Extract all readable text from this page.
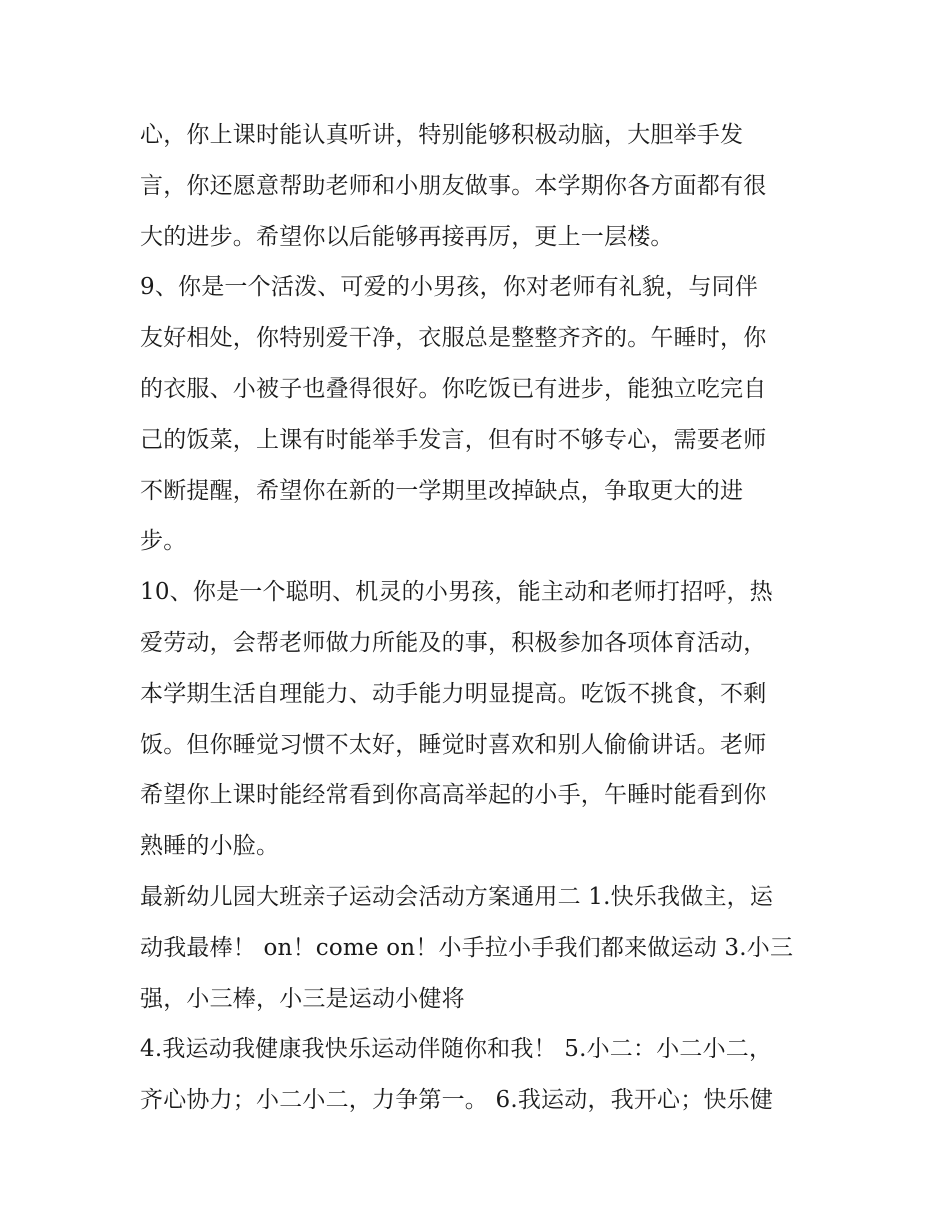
心，你上课时能认真听讲，特别能够积极动脑，大胆举手发
言，你还愿意帮助老师和小朋友做事。本学期你各方面都有很
大的进步。希望你以后能够再接再厉，更上一层楼。
9、你是一个活泼、可爱的小男孩，你对老师有礼貌，与同伴
友好相处，你特别爱干净，衣服总是整整齐齐的。午睡时，你
的衣服、小被子也叠得很好。你吃饭已有进步，能独立吃完自
己的饭菜，上课有时能举手发言，但有时不够专心，需要老师
不断提醒，希望你在新的一学期里改掉缺点，争取更大的进
步。
10、你是一个聪明、机灵的小男孩，能主动和老师打招呼，热
爱劳动，会帮老师做力所能及的事，积极参加各项体育活动，
本学期生活自理能力、动手能力明显提高。吃饭不挑食，不剩
饭。但你睡觉习惯不太好，睡觉时喜欢和别人偷偷讲话。老师
希望你上课时能经常看到你高高举起的小手，午睡时能看到你
熟睡的小脸。
最新幼儿园大班亲子运动会活动方案通用二 1.快乐我做主，运
动我最棒！ on！come on！小手拉小手我们都来做运动 3.小三
强，小三棒，小三是运动小健将
4.我运动我健康我快乐运动伴随你和我！ 5.小二：小二小二，
齐心协力；小二小二，力争第一。 6.我运动，我开心；快乐健
